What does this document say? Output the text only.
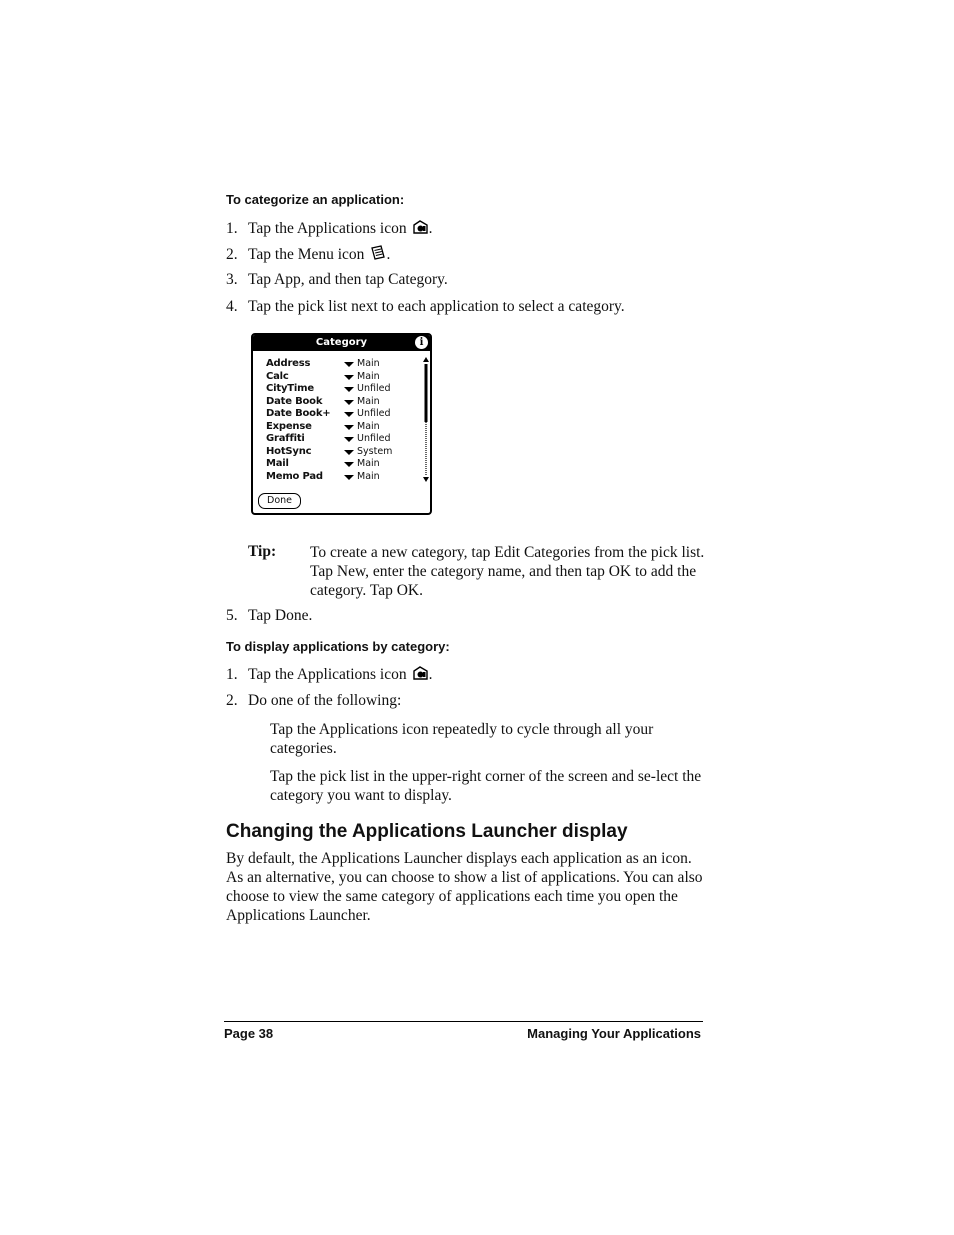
To categorize an application:
1. Tap the Applications icon .
2. Tap the Menu icon .
3. Tap App, and then tap Category.
4. Tap the pick list next to each application to select a category.
Category	i
Address	Main
Calc	Main
CityTime	Unfiled
Date Book	Main
Date Book+	Unfiled
Expense	Main
Graffiti	Unfiled
HotSync	System
Mail	Main
Memo Pad	Main
Done
Tip: To create a new category, tap Edit Categories from the pick list. Tap New, enter the category name, and then tap OK to add the category. Tap OK.
5. Tap Done.
To display applications by category:
1. Tap the Applications icon .
2. Do one of the following:
Tap the Applications icon repeatedly to cycle through all your categories.
Tap the pick list in the upper-right corner of the screen and se-lect the category you want to display.
Changing the Applications Launcher display
By default, the Applications Launcher displays each application as an icon. As an alternative, you can choose to show a list of applications. You can also choose to view the same category of applications each time you open the Applications Launcher.
Page 38	Managing Your Applications
